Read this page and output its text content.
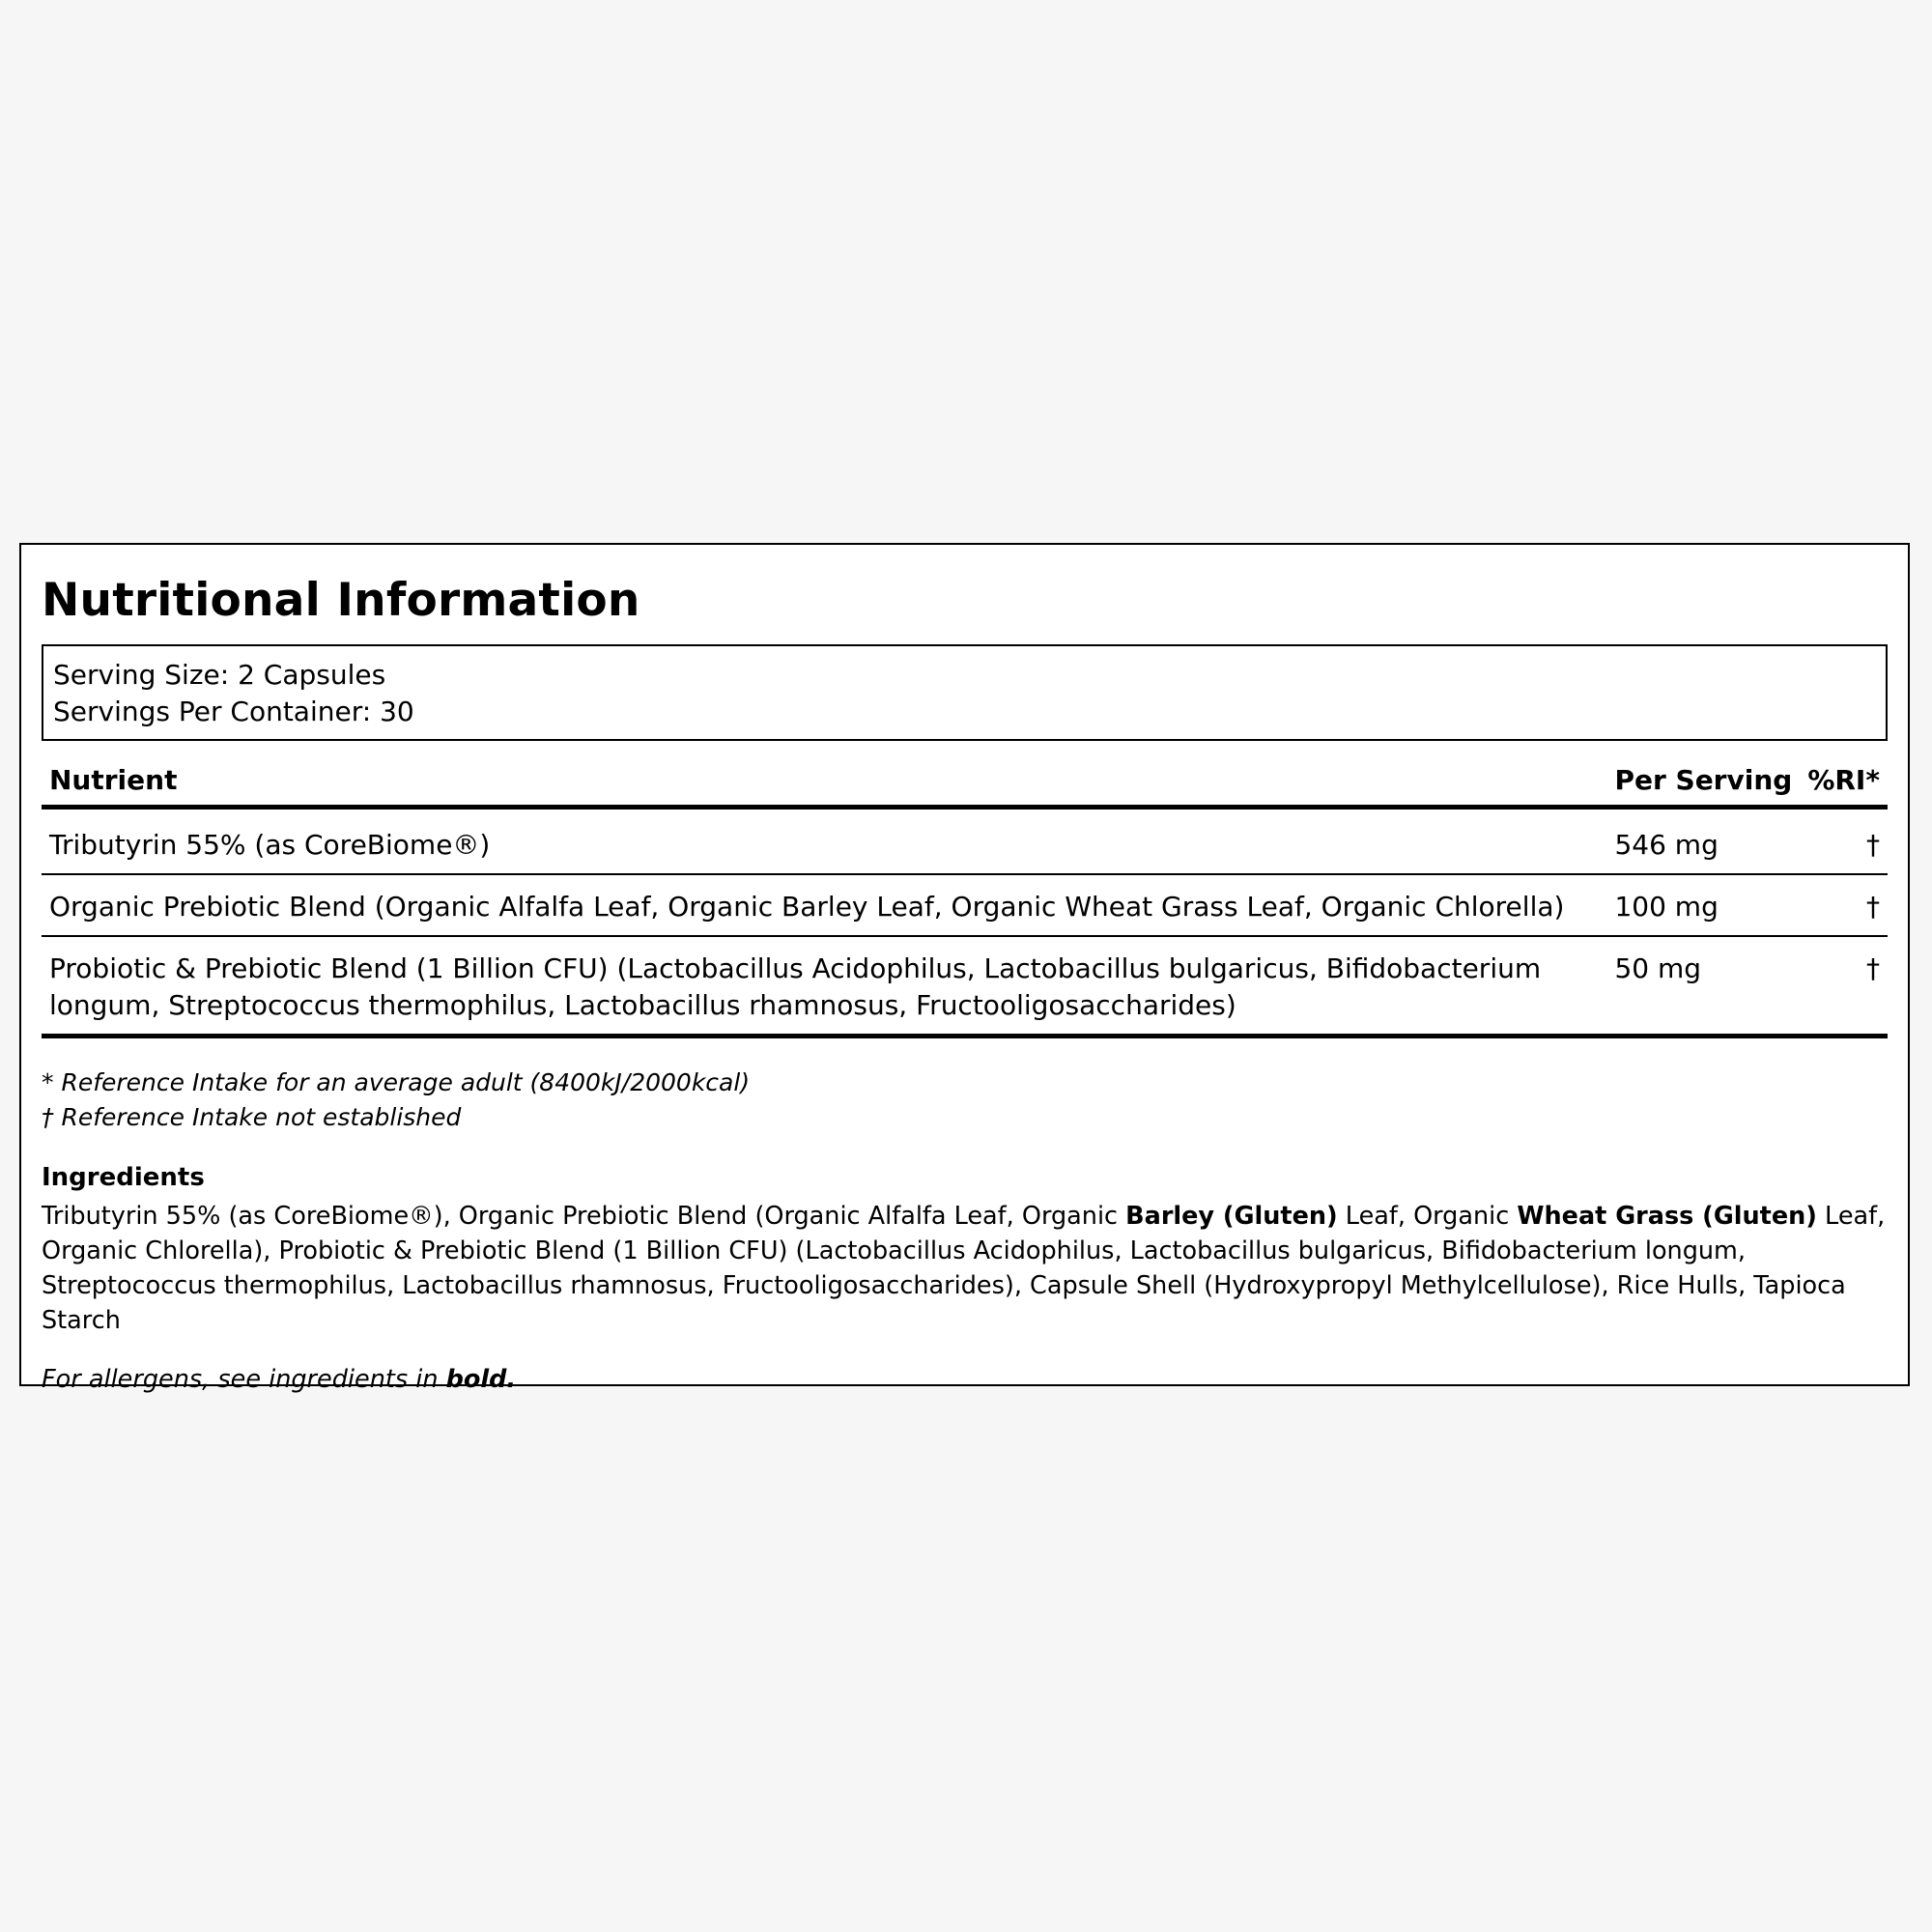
Nutritional Information
Serving Size: 2 Capsules
Servings Per Container: 30
Nutrient	Per Serving	%RI*
Tributyrin 55% (as CoreBiome®)	546 mg	†
Organic Prebiotic Blend (Organic Alfalfa Leaf, Organic Barley Leaf, Organic Wheat Grass Leaf, Organic Chlorella)	100 mg	†
Probiotic & Prebiotic Blend (1 Billion CFU) (Lactobacillus Acidophilus, Lactobacillus bulgaricus, Bifidobacterium longum, Streptococcus thermophilus, Lactobacillus rhamnosus, Fructooligosaccharides)	50 mg	†
* Reference Intake for an average adult (8400kJ/2000kcal)
† Reference Intake not established
Ingredients
Tributyrin 55% (as CoreBiome®), Organic Prebiotic Blend (Organic Alfalfa Leaf, Organic Barley (Gluten) Leaf, Organic Wheat Grass (Gluten) Leaf, Organic Chlorella), Probiotic & Prebiotic Blend (1 Billion CFU) (Lactobacillus Acidophilus, Lactobacillus bulgaricus, Bifidobacterium longum, Streptococcus thermophilus, Lactobacillus rhamnosus, Fructooligosaccharides), Capsule Shell (Hydroxypropyl Methylcellulose), Rice Hulls, Tapioca Starch
For allergens, see ingredients in bold.
